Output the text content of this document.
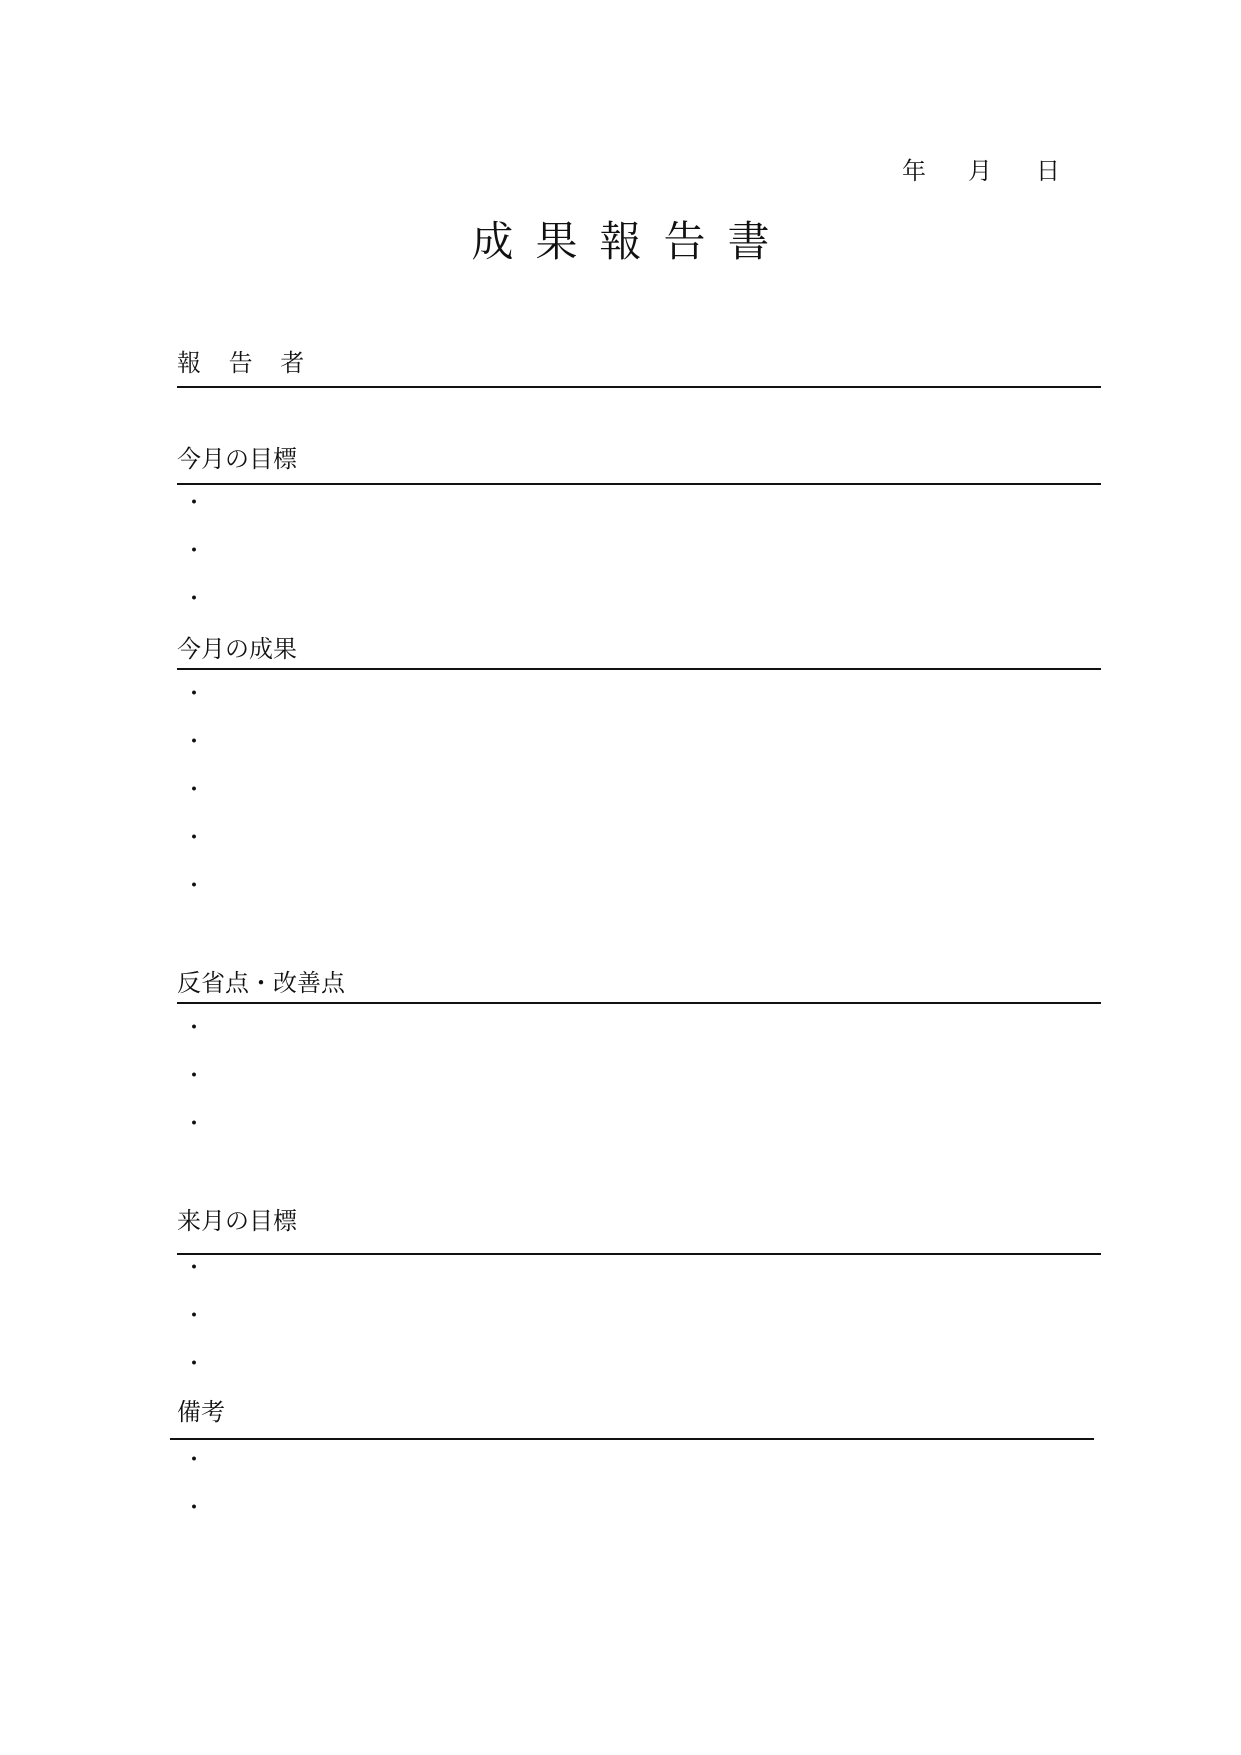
年 月 日
成果報告書
報 告 者
今月の目標
・
・
・
今月の成果
・
・
・
・
・
反省点・改善点
・
・
・
来月の目標
・
・
・
備考
・
・
